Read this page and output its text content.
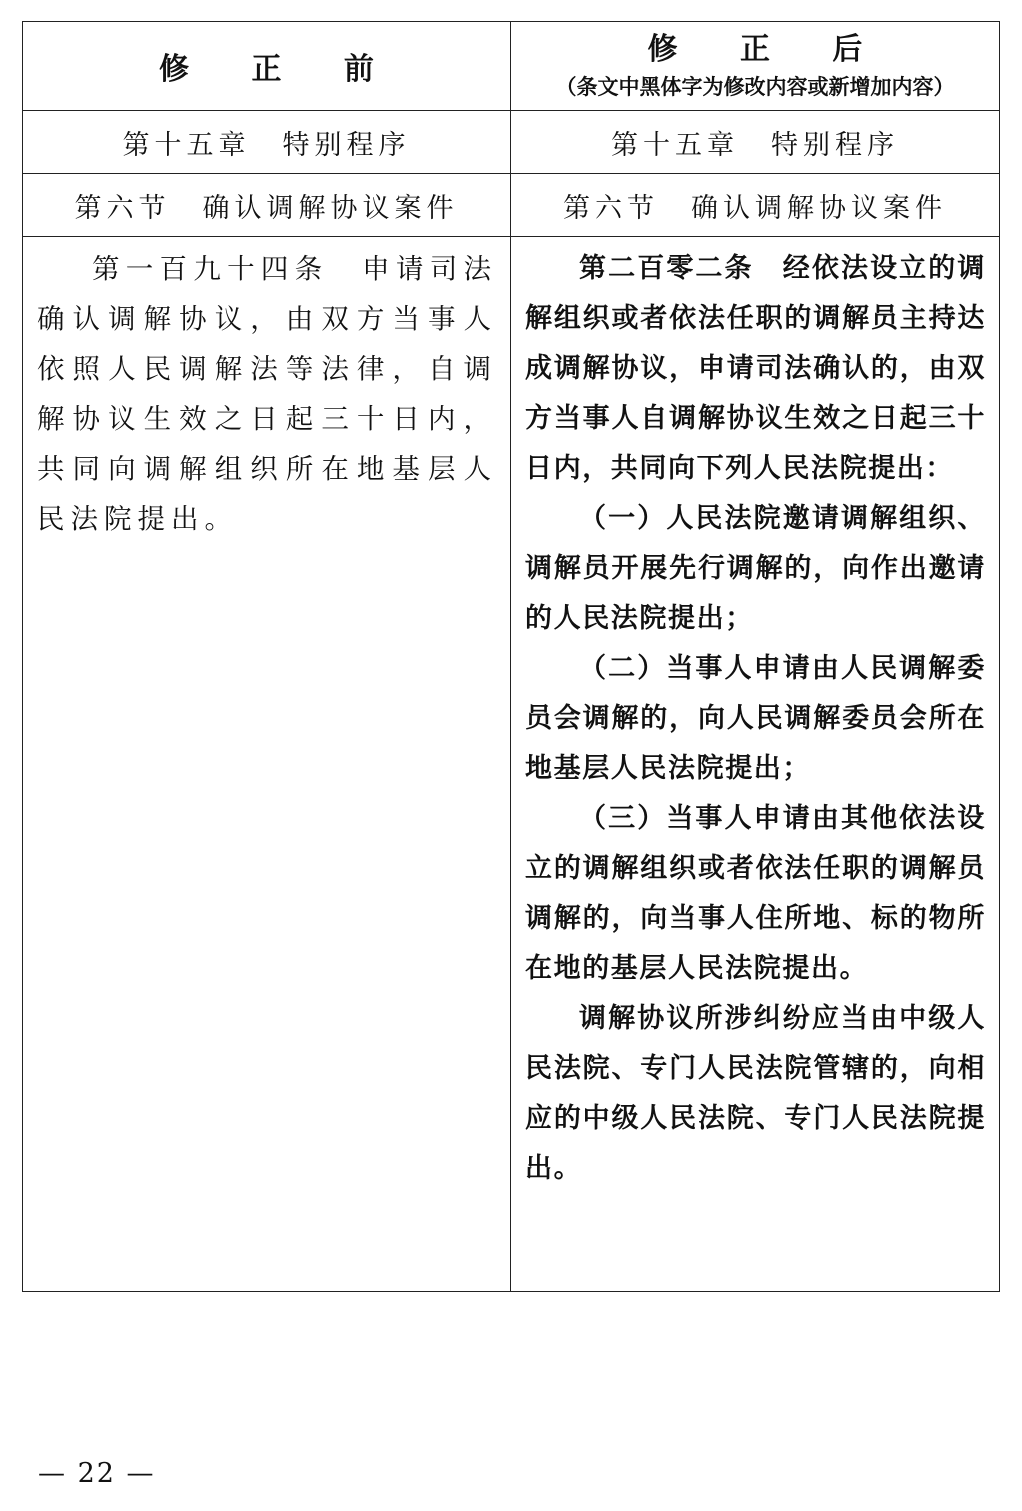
修 正 前	修 正 后
（条文中黑体字为修改内容或新增加内容）

第十五章　特别程序	第十五章　特别程序
第六节　确认调解协议案件	第六节　确认调解协议案件

第一百九十四条　申请司法确认调解协议，由双方当事人依照人民调解法等法律，自调解协议生效之日起三十日内，共同向调解组织所在地基层人民法院提出。	第二百零二条　经依法设立的调解组织或者依法任职的调解员主持达成调解协议，申请司法确认的，由双方当事人自调解协议生效之日起三十日内，共同向下列人民法院提出：

（一）人民法院邀请调解组织、调解员开展先行调解的，向作出邀请的人民法院提出；

（二）当事人申请由人民调解委员会调解的，向人民调解委员会所在地基层人民法院提出；

（三）当事人申请由其他依法设立的调解组织或者依法任职的调解员调解的，向当事人住所地、标的物所在地的基层人民法院提出。

调解协议所涉纠纷应当由中级人民法院、专门人民法院管辖的，向相应的中级人民法院、专门人民法院提出。

— 22 —
